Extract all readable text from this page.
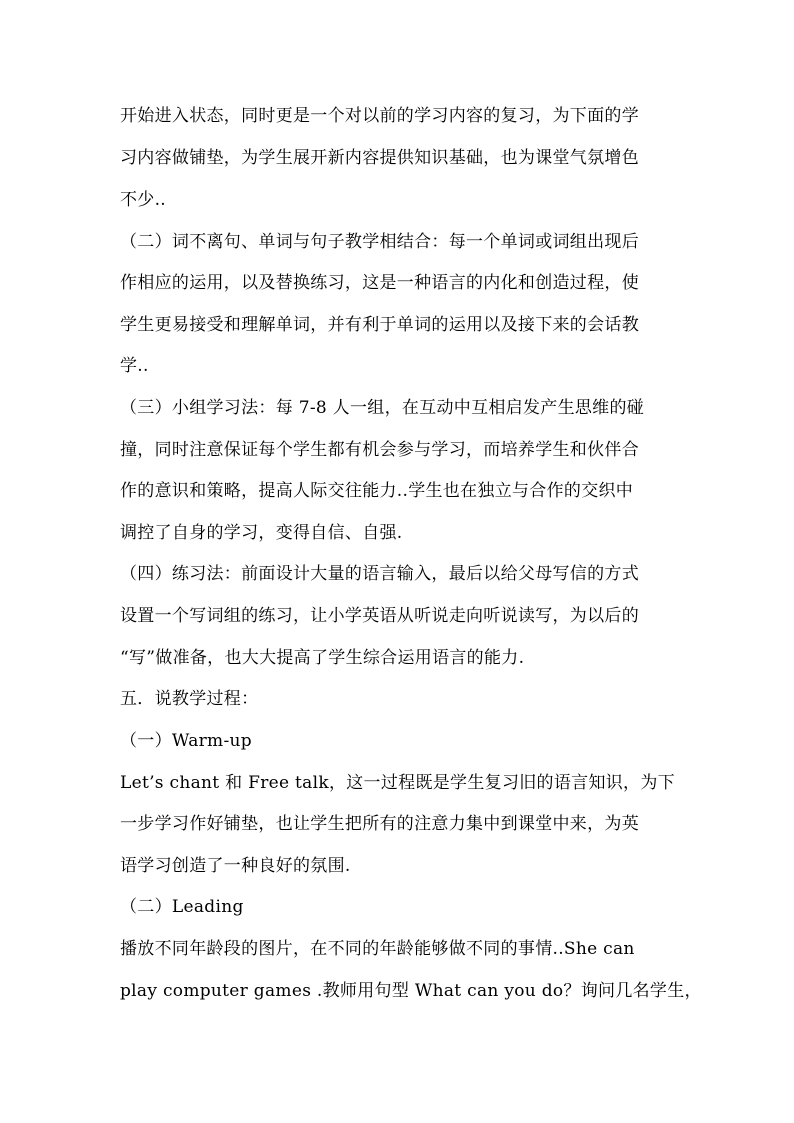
开始进入状态，同时更是一个对以前的学习内容的复习，为下面的学
习内容做铺垫，为学生展开新内容提供知识基础，也为课堂气氛增色
不少..
（二）词不离句、单词与句子教学相结合：每一个单词或词组出现后
作相应的运用，以及替换练习，这是一种语言的内化和创造过程，使
学生更易接受和理解单词，并有利于单词的运用以及接下来的会话教
学..
（三）小组学习法：每 7-8 人一组，在互动中互相启发产生思维的碰
撞，同时注意保证每个学生都有机会参与学习，而培养学生和伙伴合
作的意识和策略，提高人际交往能力..学生也在独立与合作的交织中
调控了自身的学习，变得自信、自强.
（四）练习法：前面设计大量的语言输入，最后以给父母写信的方式
设置一个写词组的练习，让小学英语从听说走向听说读写，为以后的
“写”做准备，也大大提高了学生综合运用语言的能力.
五．说教学过程：
（一）Warm-up
Let’s chant 和 Free talk，这一过程既是学生复习旧的语言知识，为下
一步学习作好铺垫，也让学生把所有的注意力集中到课堂中来，为英
语学习创造了一种良好的氛围.
（二）Leading
播放不同年龄段的图片，在不同的年龄能够做不同的事情..She can
play computer games .教师用句型 What can you do？询问几名学生，
